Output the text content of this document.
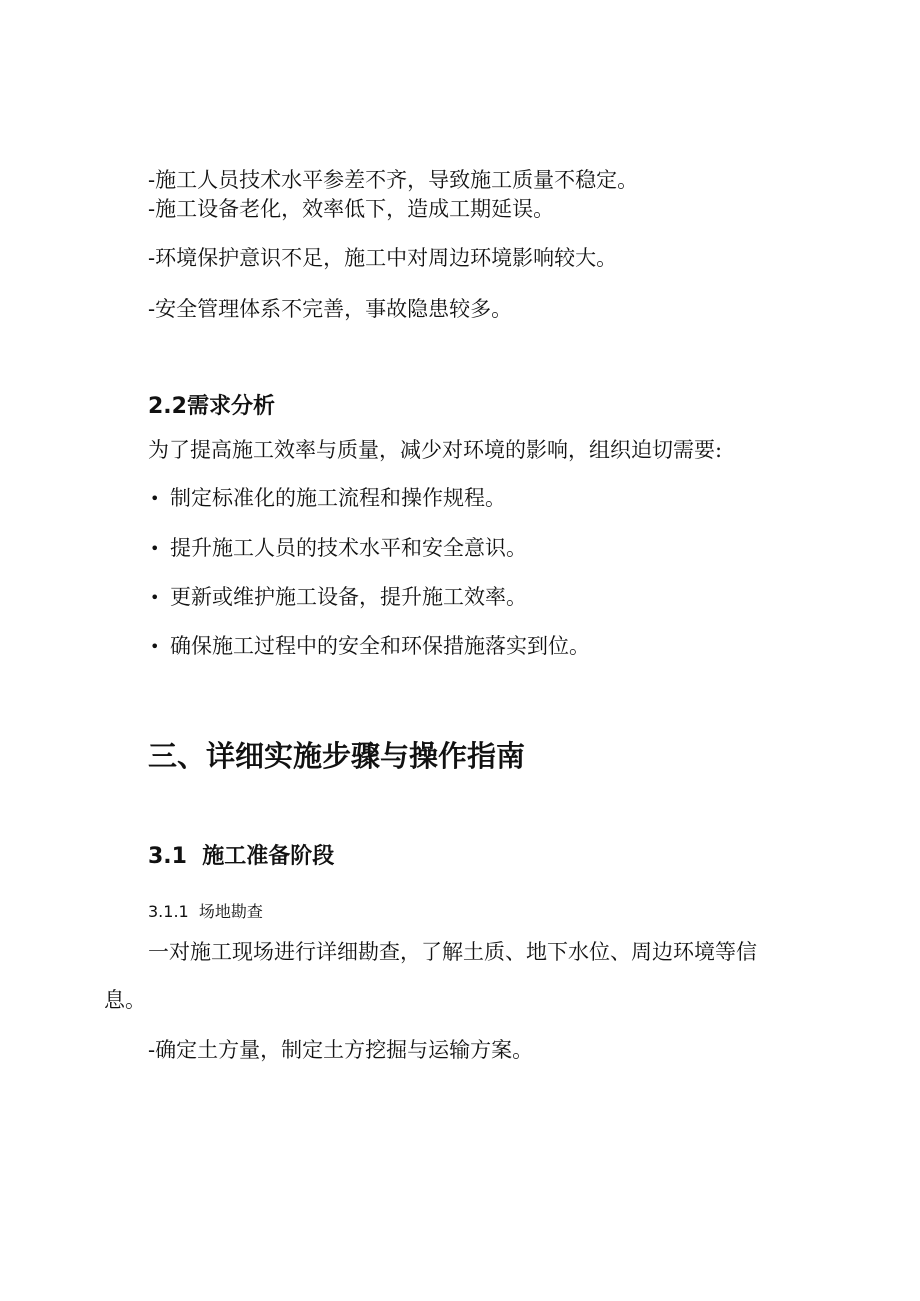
-施工人员技术水平参差不齐，导致施工质量不稳定。
-施工设备老化，效率低下，造成工期延误。
-环境保护意识不足，施工中对周边环境影响较大。
-安全管理体系不完善，事故隐患较多。
2.2需求分析
为了提高施工效率与质量，减少对环境的影响，组织迫切需要:
• 制定标准化的施工流程和操作规程。
• 提升施工人员的技术水平和安全意识。
• 更新或维护施工设备，提升施工效率。
• 确保施工过程中的安全和环保措施落实到位。
三、详细实施步骤与操作指南
3.1  施工准备阶段
3.1.1  场地勘查
一对施工现场进行详细勘查，了解土质、地下水位、周边环境等信
息。
-确定土方量，制定土方挖掘与运输方案。
